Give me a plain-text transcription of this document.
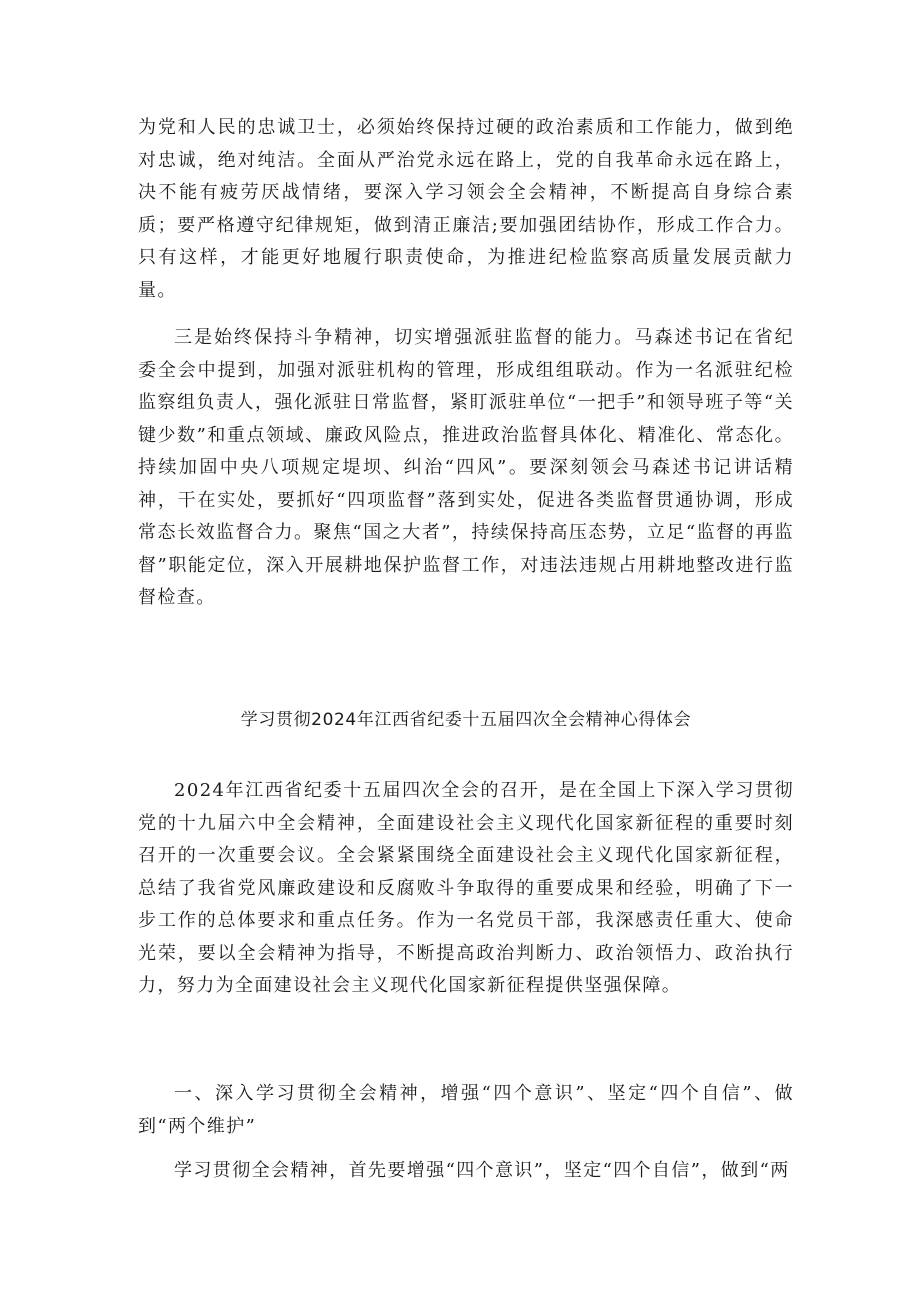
为党和人民的忠诚卫士，必须始终保持过硬的政治素质和工作能力，做到绝对忠诚，绝对纯洁。全面从严治党永远在路上，党的自我革命永远在路上，决不能有疲劳厌战情绪，要深入学习领会全会精神，不断提高自身综合素质；要严格遵守纪律规矩，做到清正廉洁;要加强团结协作，形成工作合力。只有这样，才能更好地履行职责使命，为推进纪检监察高质量发展贡献力量。

三是始终保持斗争精神，切实增强派驻监督的能力。马森述书记在省纪委全会中提到，加强对派驻机构的管理，形成组组联动。作为一名派驻纪检监察组负责人，强化派驻日常监督，紧盯派驻单位“一把手”和领导班子等“关键少数”和重点领域、廉政风险点，推进政治监督具体化、精准化、常态化。持续加固中央八项规定堤坝、纠治“四风”。要深刻领会马森述书记讲话精神，干在实处，要抓好“四项监督”落到实处，促进各类监督贯通协调，形成常态长效监督合力。聚焦“国之大者”，持续保持高压态势，立足“监督的再监督”职能定位，深入开展耕地保护监督工作，对违法违规占用耕地整改进行监督检查。

学习贯彻2024年江西省纪委十五届四次全会精神心得体会

2024年江西省纪委十五届四次全会的召开，是在全国上下深入学习贯彻党的十九届六中全会精神，全面建设社会主义现代化国家新征程的重要时刻召开的一次重要会议。全会紧紧围绕全面建设社会主义现代化国家新征程，总结了我省党风廉政建设和反腐败斗争取得的重要成果和经验，明确了下一步工作的总体要求和重点任务。作为一名党员干部，我深感责任重大、使命光荣，要以全会精神为指导，不断提高政治判断力、政治领悟力、政治执行力，努力为全面建设社会主义现代化国家新征程提供坚强保障。

一、深入学习贯彻全会精神，增强“四个意识”、坚定“四个自信”、做到“两个维护”

学习贯彻全会精神，首先要增强“四个意识”，坚定“四个自信”，做到“两
